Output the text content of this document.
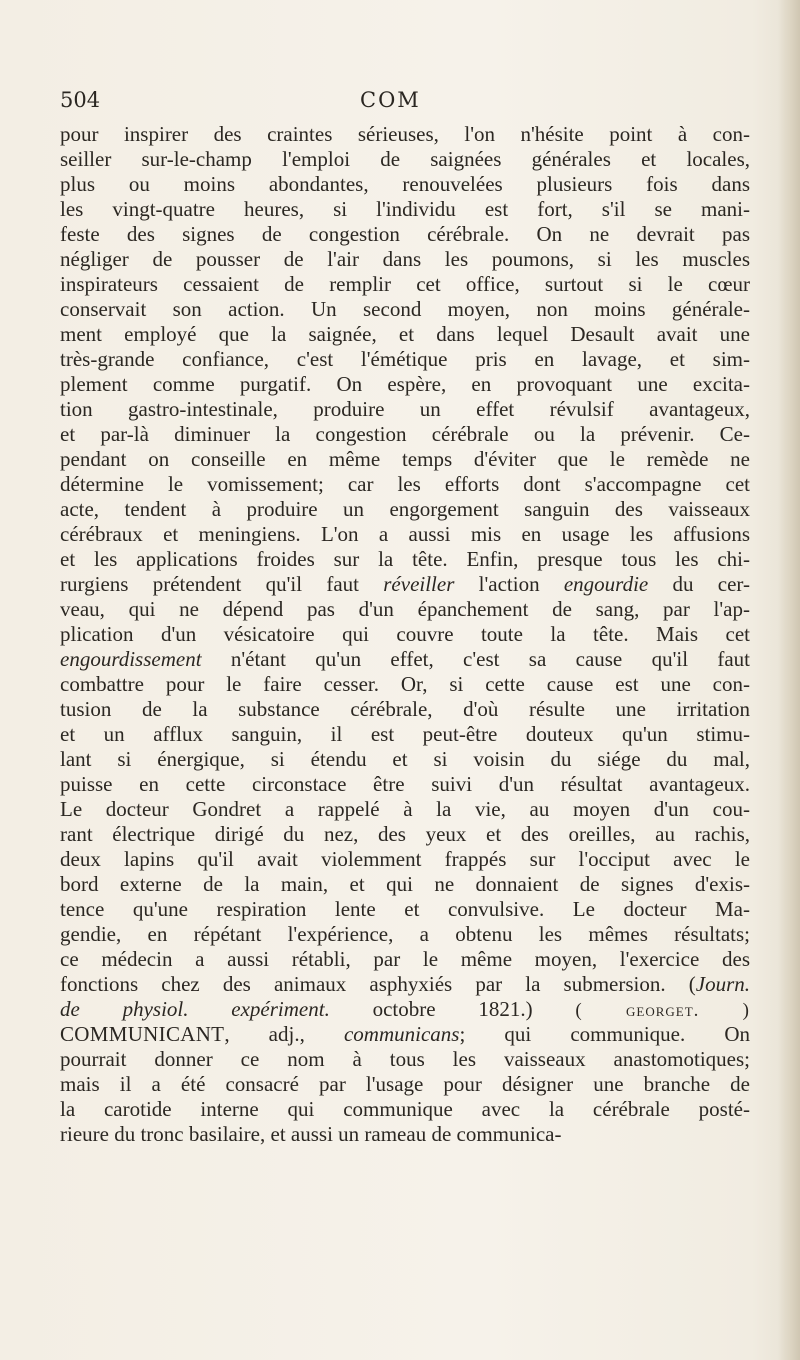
504	COM
pour inspirer des craintes sérieuses, l'on n'hésite point à con-
seiller sur-le-champ l'emploi de saignées générales et locales,
plus ou moins abondantes, renouvelées plusieurs fois dans
les vingt-quatre heures, si l'individu est fort, s'il se mani-
feste des signes de congestion cérébrale. On ne devrait pas
négliger de pousser de l'air dans les poumons, si les muscles
inspirateurs cessaient de remplir cet office, surtout si le cœur
conservait son action. Un second moyen, non moins générale-
ment employé que la saignée, et dans lequel Desault avait une
très-grande confiance, c'est l'émétique pris en lavage, et sim-
plement comme purgatif. On espère, en provoquant une excita-
tion gastro-intestinale, produire un effet révulsif avantageux,
et par-là diminuer la congestion cérébrale ou la prévenir. Ce-
pendant on conseille en même temps d'éviter que le remède ne
détermine le vomissement; car les efforts dont s'accompagne cet
acte, tendent à produire un engorgement sanguin des vaisseaux
cérébraux et meningiens. L'on a aussi mis en usage les affusions
et les applications froides sur la tête. Enfin, presque tous les chi-
rurgiens prétendent qu'il faut réveiller l'action engourdie du cer-
veau, qui ne dépend pas d'un épanchement de sang, par l'ap-
plication d'un vésicatoire qui couvre toute la tête. Mais cet
engourdissement n'étant qu'un effet, c'est sa cause qu'il faut
combattre pour le faire cesser. Or, si cette cause est une con-
tusion de la substance cérébrale, d'où résulte une irritation
et un afflux sanguin, il est peut-être douteux qu'un stimu-
lant si énergique, si étendu et si voisin du siége du mal,
puisse en cette circonstace être suivi d'un résultat avantageux.
Le docteur Gondret a rappelé à la vie, au moyen d'un cou-
rant électrique dirigé du nez, des yeux et des oreilles, au rachis,
deux lapins qu'il avait violemment frappés sur l'occiput avec le
bord externe de la main, et qui ne donnaient de signes d'exis-
tence qu'une respiration lente et convulsive. Le docteur Ma-
gendie, en répétant l'expérience, a obtenu les mêmes résultats;
ce médecin a aussi rétabli, par le même moyen, l'exercice des
fonctions chez des animaux asphyxiés par la submersion. (Journ.
de physiol. expériment. octobre 1821.) ( georget. )
COMMUNICANT, adj., communicans; qui communique. On
pourrait donner ce nom à tous les vaisseaux anastomotiques;
mais il a été consacré par l'usage pour désigner une branche de
la carotide interne qui communique avec la cérébrale posté-
rieure du tronc basilaire, et aussi un rameau de communica-
